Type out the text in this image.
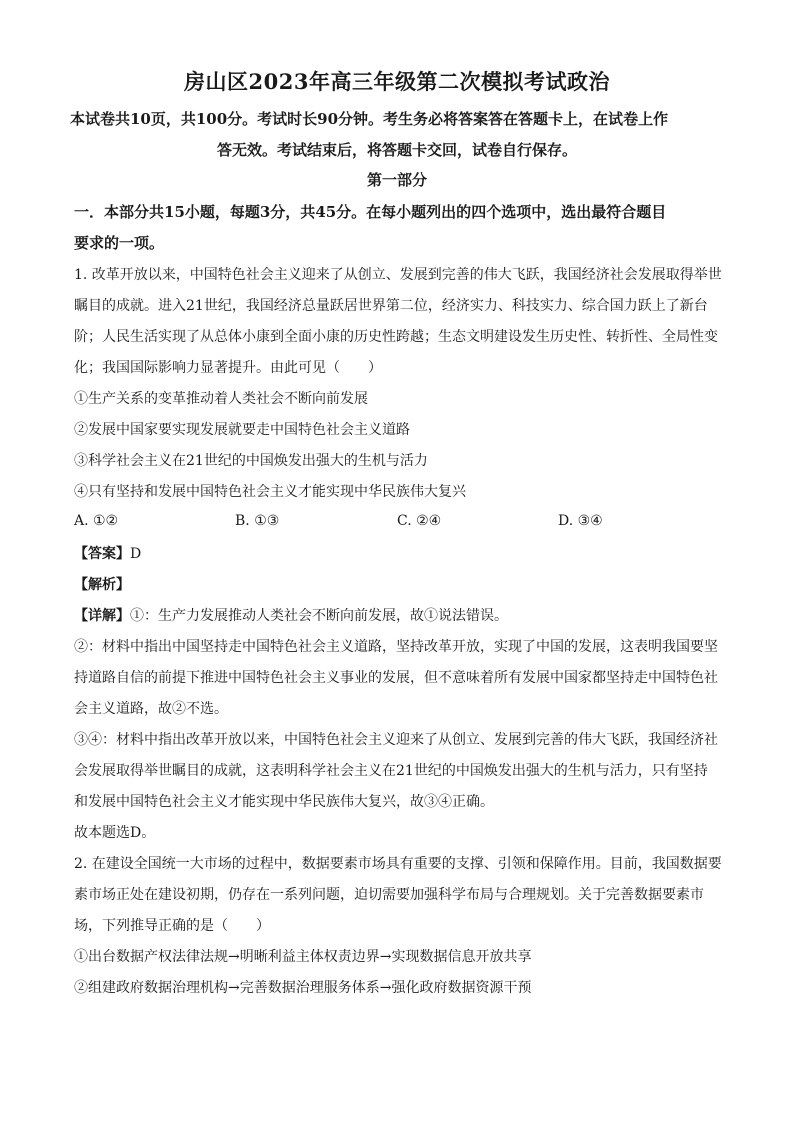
房山区2023年高三年级第二次模拟考试政治
本试卷共10页，共100分。考试时长90分钟。考生务必将答案答在答题卡上，在试卷上作
答无效。考试结束后，将答题卡交回，试卷自行保存。
第一部分
一．本部分共15小题，每题3分，共45分。在每小题列出的四个选项中，选出最符合题目
要求的一项。
1. 改革开放以来，中国特色社会主义迎来了从创立、发展到完善的伟大飞跃，我国经济社会发展取得举世
瞩目的成就。进入21世纪，我国经济总量跃居世界第二位，经济实力、科技实力、综合国力跃上了新台
阶；人民生活实现了从总体小康到全面小康的历史性跨越；生态文明建设发生历史性、转折性、全局性变
化；我国国际影响力显著提升。由此可见（　　）
①生产关系的变革推动着人类社会不断向前发展
②发展中国家要实现发展就要走中国特色社会主义道路
③科学社会主义在21世纪的中国焕发出强大的生机与活力
④只有坚持和发展中国特色社会主义才能实现中华民族伟大复兴
A. ①②	B. ①③	C. ②④	D. ③④
【答案】D
【解析】
【详解】①：生产力发展推动人类社会不断向前发展，故①说法错误。
②：材料中指出中国坚持走中国特色社会主义道路，坚持改革开放，实现了中国的发展，这表明我国要坚
持道路自信的前提下推进中国特色社会主义事业的发展，但不意味着所有发展中国家都坚持走中国特色社
会主义道路，故②不选。
③④：材料中指出改革开放以来，中国特色社会主义迎来了从创立、发展到完善的伟大飞跃，我国经济社
会发展取得举世瞩目的成就，这表明科学社会主义在21世纪的中国焕发出强大的生机与活力，只有坚持
和发展中国特色社会主义才能实现中华民族伟大复兴，故③④正确。
故本题选D。
2. 在建设全国统一大市场的过程中，数据要素市场具有重要的支撑、引领和保障作用。目前，我国数据要
素市场正处在建设初期，仍存在一系列问题，迫切需要加强科学布局与合理规划。关于完善数据要素市
场，下列推导正确的是（　　）
①出台数据产权法律法规→明晰利益主体权责边界→实现数据信息开放共享
②组建政府数据治理机构→完善数据治理服务体系→强化政府数据资源干预
